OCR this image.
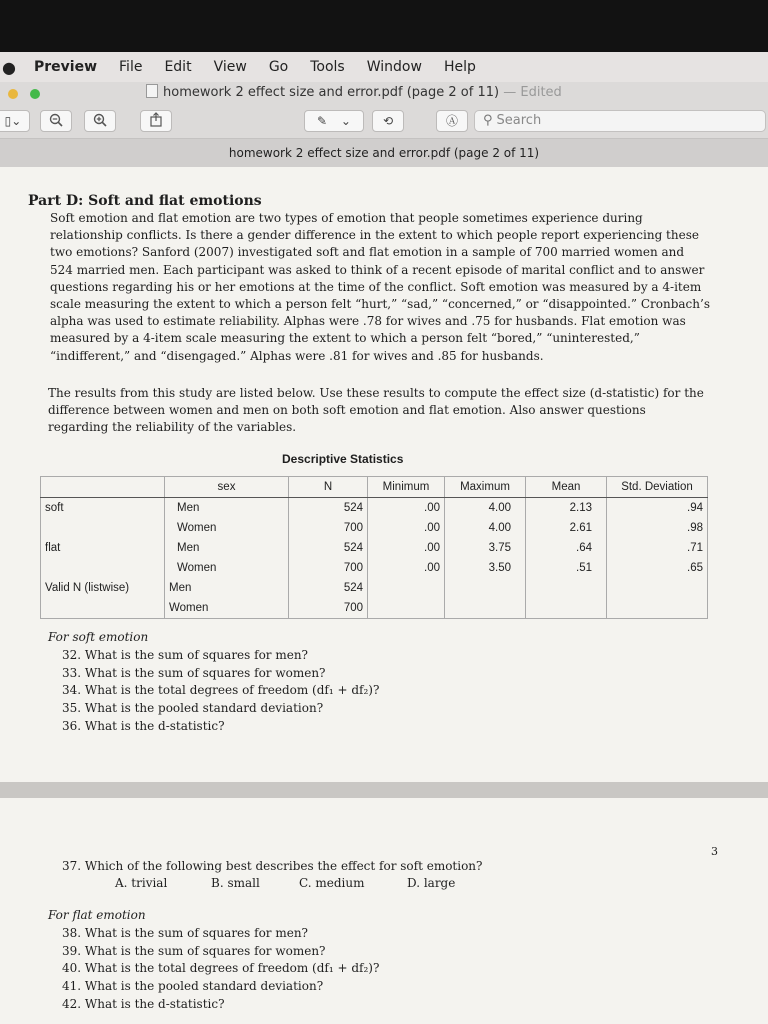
● Preview File Edit View Go Tools Window Help
homework 2 effect size and error.pdf (page 2 of 11) — Edited
▯⌄	✎ ⌄	⟲	Ⓐ	⚲ Search
homework 2 effect size and error.pdf (page 2 of 11)
Part D: Soft and flat emotions
Soft emotion and flat emotion are two types of emotion that people sometimes experience during
relationship conflicts. Is there a gender difference in the extent to which people report experiencing these
two emotions? Sanford (2007) investigated soft and flat emotion in a sample of 700 married women and
524 married men. Each participant was asked to think of a recent episode of marital conflict and to answer
questions regarding his or her emotions at the time of the conflict. Soft emotion was measured by a 4-item
scale measuring the extent to which a person felt “hurt,” “sad,” “concerned,” or “disappointed.” Cronbach’s
alpha was used to estimate reliability. Alphas were .78 for wives and .75 for husbands. Flat emotion was
measured by a 4-item scale measuring the extent to which a person felt “bored,” “uninterested,”
“indifferent,” and “disengaged.” Alphas were .81 for wives and .85 for husbands.
The results from this study are listed below. Use these results to compute the effect size (d-statistic) for the
difference between women and men on both soft emotion and flat emotion. Also answer questions
regarding the reliability of the variables.
Descriptive Statistics
	sex	N	Minimum	Maximum	Mean	Std. Deviation
soft	Men	524	.00	4.00	2.13	.94
	Women	700	.00	4.00	2.61	.98
flat	Men	524	.00	3.75	.64	.71
	Women	700	.00	3.50	.51	.65
Valid N (listwise)	Men	524				
	Women	700				
For soft emotion
32. What is the sum of squares for men?
33. What is the sum of squares for women?
34. What is the total degrees of freedom (df₁ + df₂)?
35. What is the pooled standard deviation?
36. What is the d-statistic?
3
37. Which of the following best describes the effect for soft emotion?
A. trivial	B. small	C. medium	D. large
For flat emotion
38. What is the sum of squares for men?
39. What is the sum of squares for women?
40. What is the total degrees of freedom (df₁ + df₂)?
41. What is the pooled standard deviation?
42. What is the d-statistic?
